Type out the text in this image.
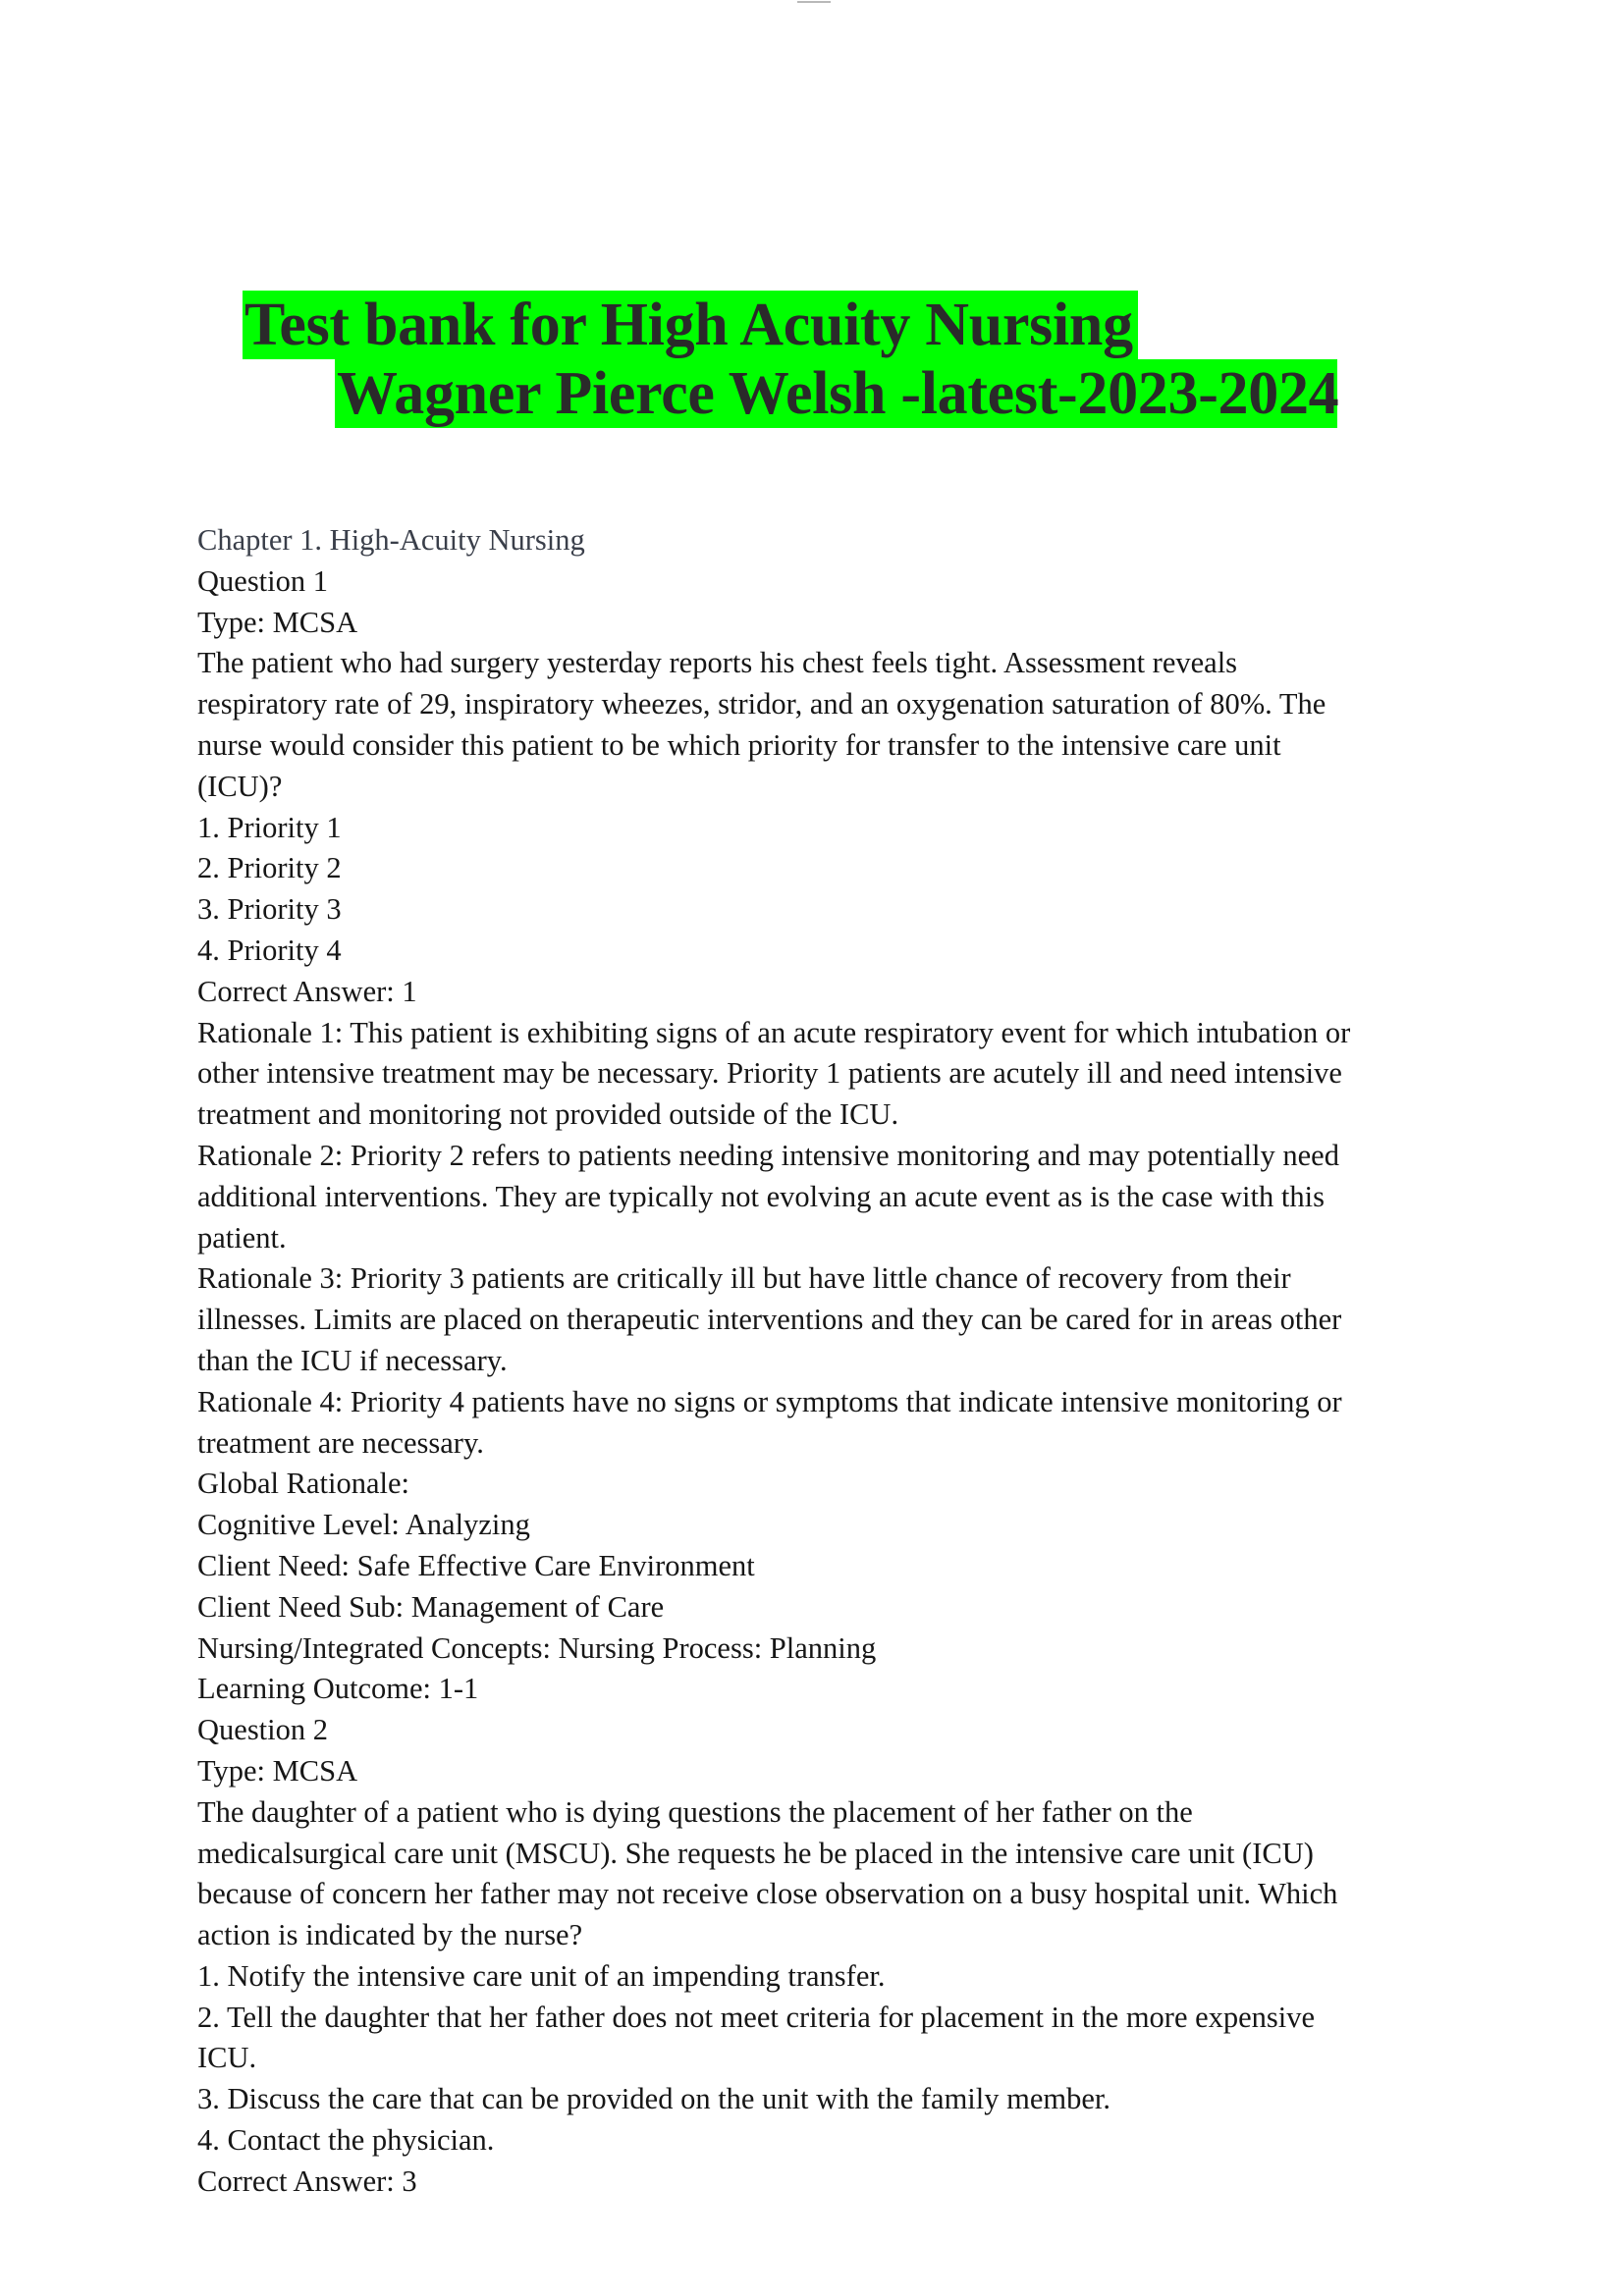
Test bank for High Acuity Nursing
Wagner Pierce Welsh -latest-2023-2024
Chapter 1. High-Acuity Nursing
Question 1
Type: MCSA
The patient who had surgery yesterday reports his chest feels tight. Assessment reveals
respiratory rate of 29, inspiratory wheezes, stridor, and an oxygenation saturation of 80%. The
nurse would consider this patient to be which priority for transfer to the intensive care unit
(ICU)?
1. Priority 1
2. Priority 2
3. Priority 3
4. Priority 4
Correct Answer: 1
Rationale 1: This patient is exhibiting signs of an acute respiratory event for which intubation or
other intensive treatment may be necessary. Priority 1 patients are acutely ill and need intensive
treatment and monitoring not provided outside of the ICU.
Rationale 2: Priority 2 refers to patients needing intensive monitoring and may potentially need
additional interventions. They are typically not evolving an acute event as is the case with this
patient.
Rationale 3: Priority 3 patients are critically ill but have little chance of recovery from their
illnesses. Limits are placed on therapeutic interventions and they can be cared for in areas other
than the ICU if necessary.
Rationale 4: Priority 4 patients have no signs or symptoms that indicate intensive monitoring or
treatment are necessary.
Global Rationale:
Cognitive Level: Analyzing
Client Need: Safe Effective Care Environment
Client Need Sub: Management of Care
Nursing/Integrated Concepts: Nursing Process: Planning
Learning Outcome: 1-1
Question 2
Type: MCSA
The daughter of a patient who is dying questions the placement of her father on the
medicalsurgical care unit (MSCU). She requests he be placed in the intensive care unit (ICU)
because of concern her father may not receive close observation on a busy hospital unit. Which
action is indicated by the nurse?
1. Notify the intensive care unit of an impending transfer.
2. Tell the daughter that her father does not meet criteria for placement in the more expensive
ICU.
3. Discuss the care that can be provided on the unit with the family member.
4. Contact the physician.
Correct Answer: 3
